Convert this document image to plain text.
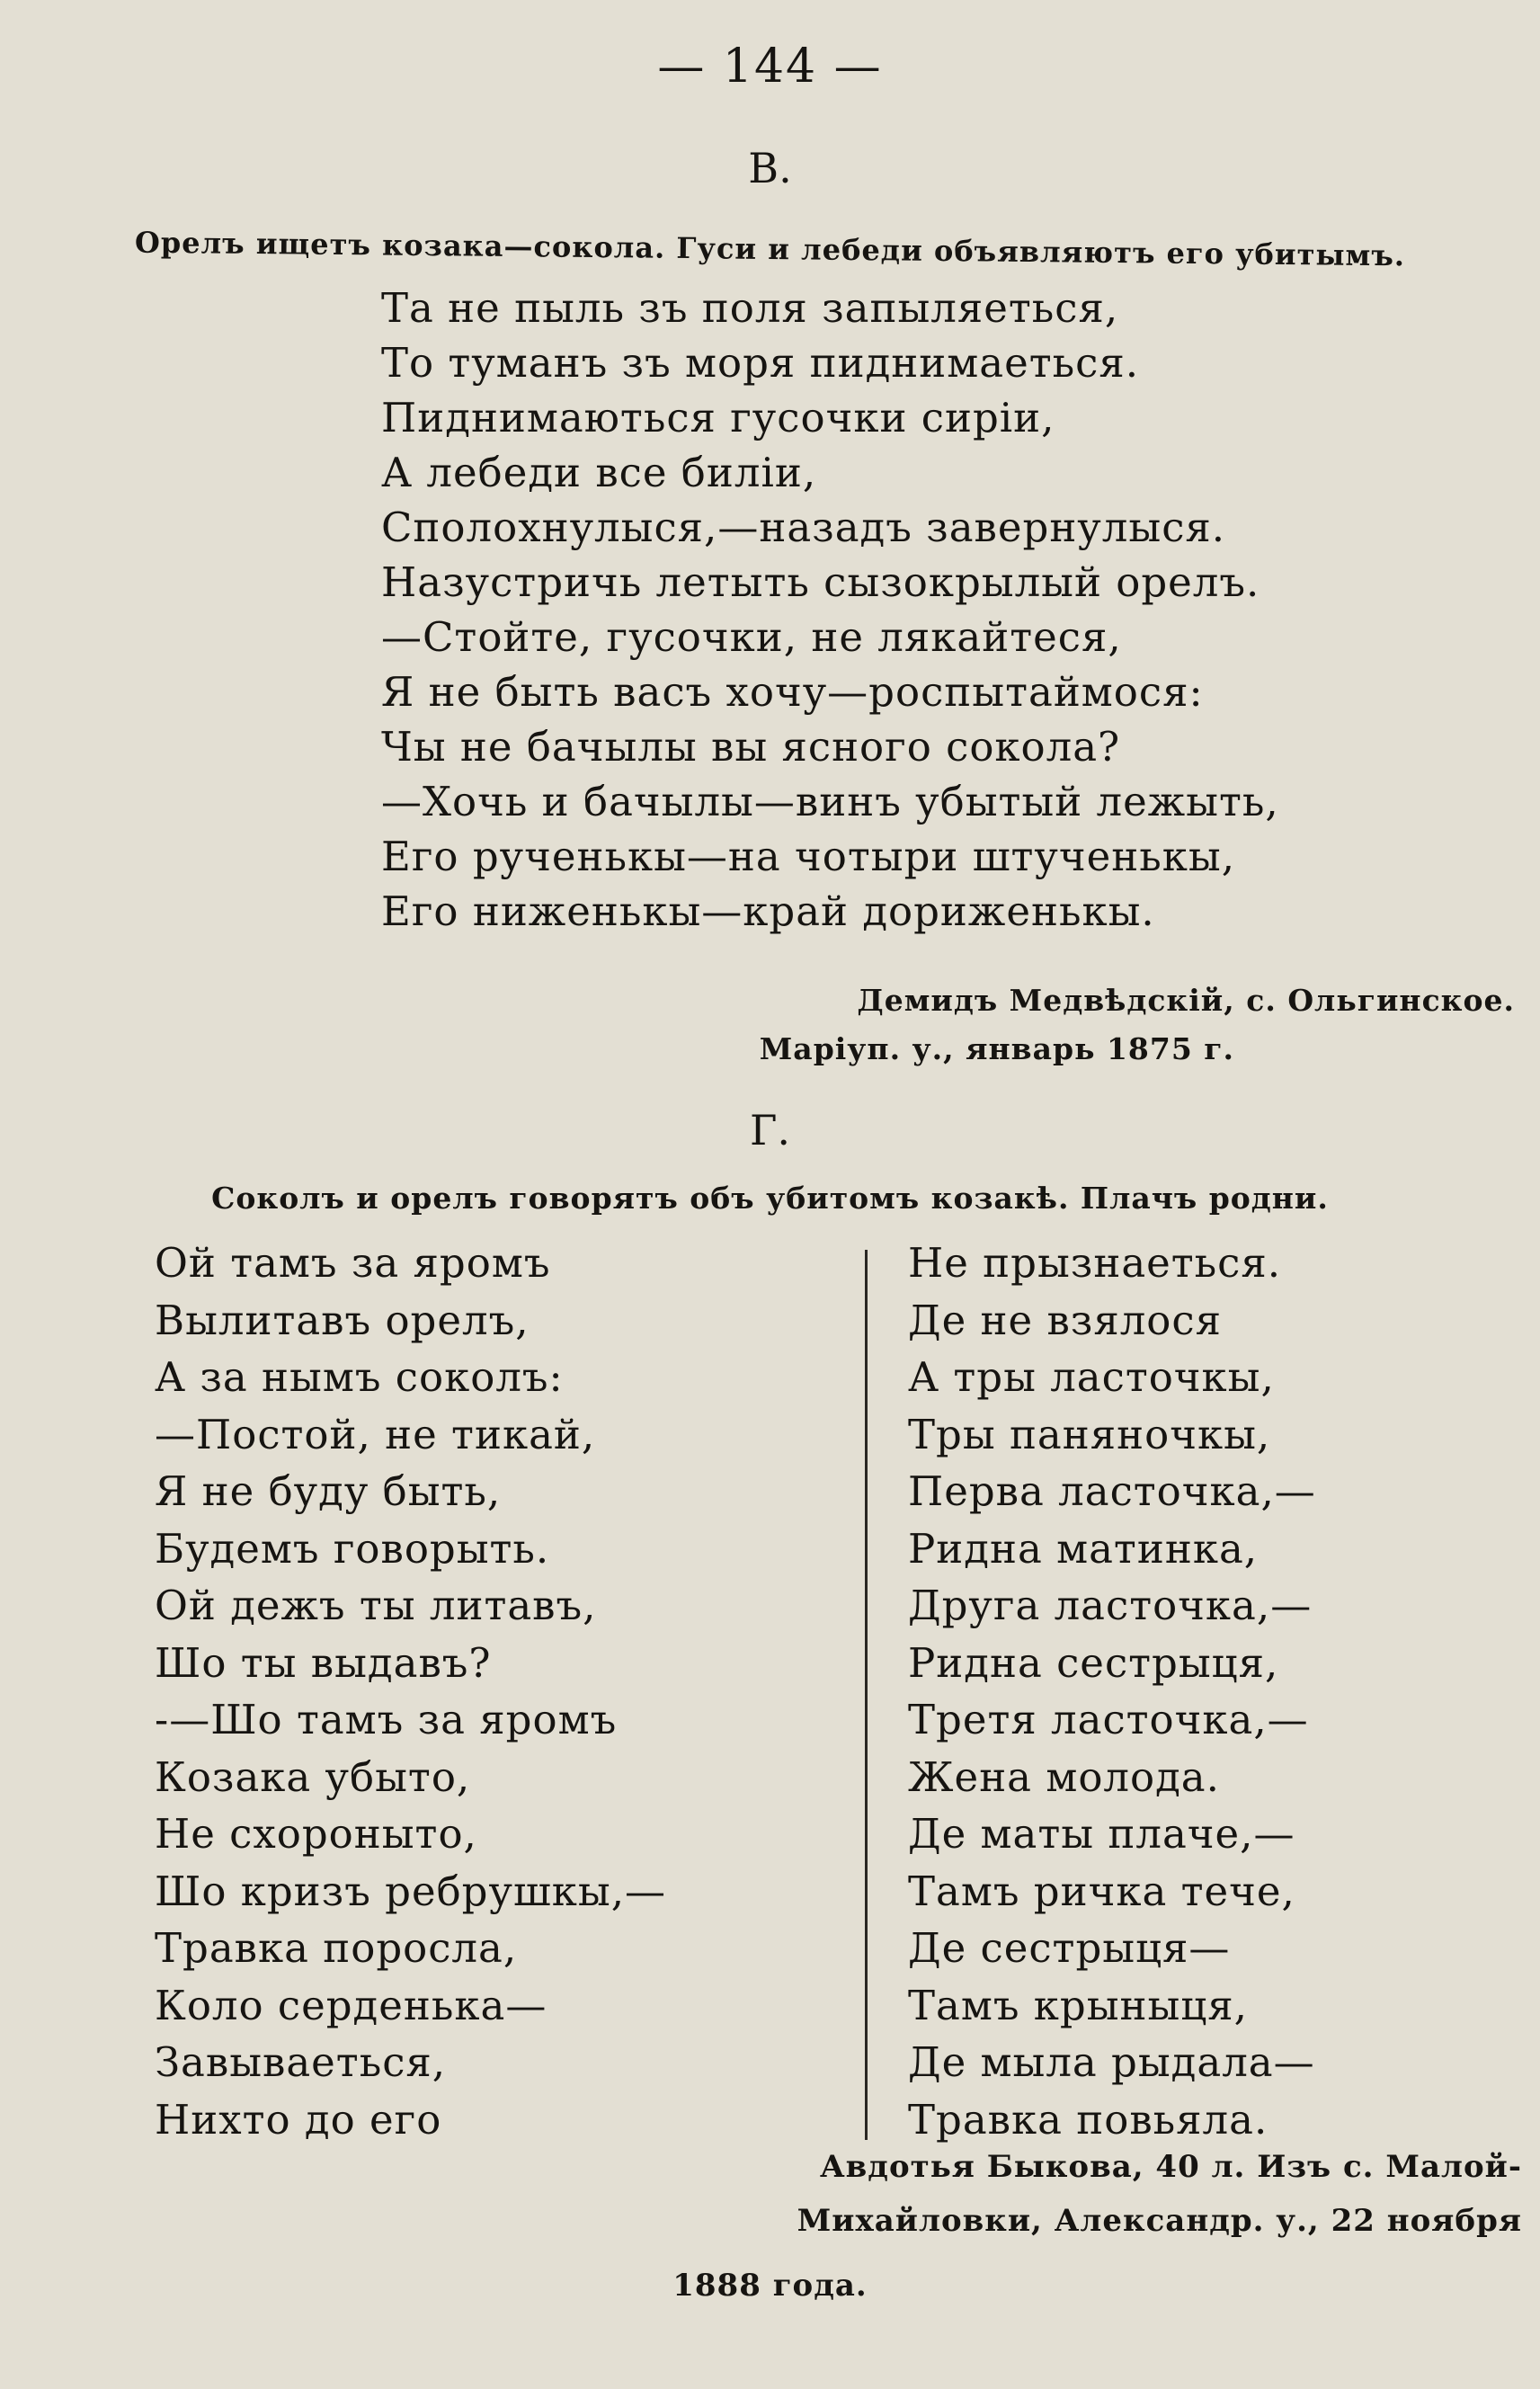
— 144 —
В.
Орелъ ищетъ козака—сокола. Гуси и лебеди объявляютъ его убитымъ.
Та не пыль зъ поля запыляеться,
То туманъ зъ моря пиднимаеться.
Пиднимаються гусочки сирiи,
А лебеди все билiи,
Сполохнулыся,—назадъ завернулыся.
Назустричь летыть сызокрылый орелъ.
—Стойте, гусочки, не лякайтеся,
Я не быть васъ хочу—роспытаймося:
Чы не бачылы вы ясного сокола?
—Хочь и бачылы—винъ убытый лежыть,
Его рученькы—на чотыри штученькы,
Его ниженькы—край дориженькы.
Демидъ Медвѣдскiй, с. Ольгинское.
Марiуп. у., январь 1875 г.
Г.
Соколъ и орелъ говорятъ объ убитомъ козакѣ. Плачъ родни.
Ой тамъ за яромъ
Вылитавъ орелъ,
А за нымъ соколъ:
—Постой, не тикай,
Я не буду быть,
Будемъ говорыть.
Ой дежъ ты литавъ,
Шо ты выдавъ?
-—Шо тамъ за яромъ
Козака убыто,
Не схороныто,
Шо кризъ ребрушкы,—
Травка поросла,
Коло серденька—
Завываеться,
Нихто до его
Не прызнаеться.
Де не взялося
А тры ласточкы,
Тры паняночкы,
Перва ласточка,—
Ридна матинка,
Друга ласточка,—
Ридна сестрыця,
Третя ласточка,—
Жена молода.
Де маты плаче,—
Тамъ ричка тече,
Де сестрыця—
Тамъ крыныця,
Де мыла рыдала—
Травка повьяла.
Авдотья Быкова, 40 л. Изъ с. Малой-
Михайловки, Александр. у., 22 ноября
1888 года.
